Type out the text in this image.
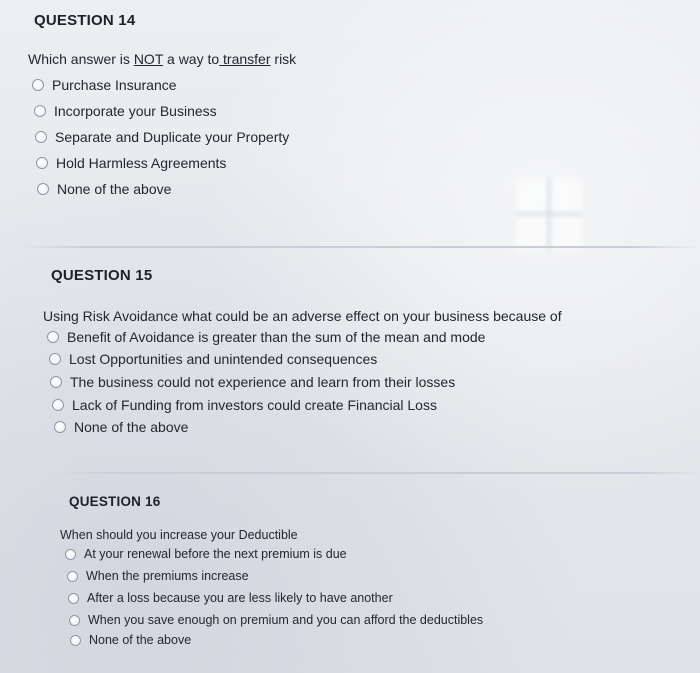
QUESTION 14
Which answer is NOT a way to transfer risk
Purchase Insurance
Incorporate your Business
Separate and Duplicate your Property
Hold Harmless Agreements
None of the above
QUESTION 15
Using Risk Avoidance what could be an adverse effect on your business because of
Benefit of Avoidance is greater than the sum of the mean and mode
Lost Opportunities and unintended consequences
The business could not experience and learn from their losses
Lack of Funding from investors could create Financial Loss
None of the above
QUESTION 16
When should you increase your Deductible
At your renewal before the next premium is due
When the premiums increase
After a loss because you are less likely to have another
When you save enough on premium and you can afford the deductibles
None of the above
